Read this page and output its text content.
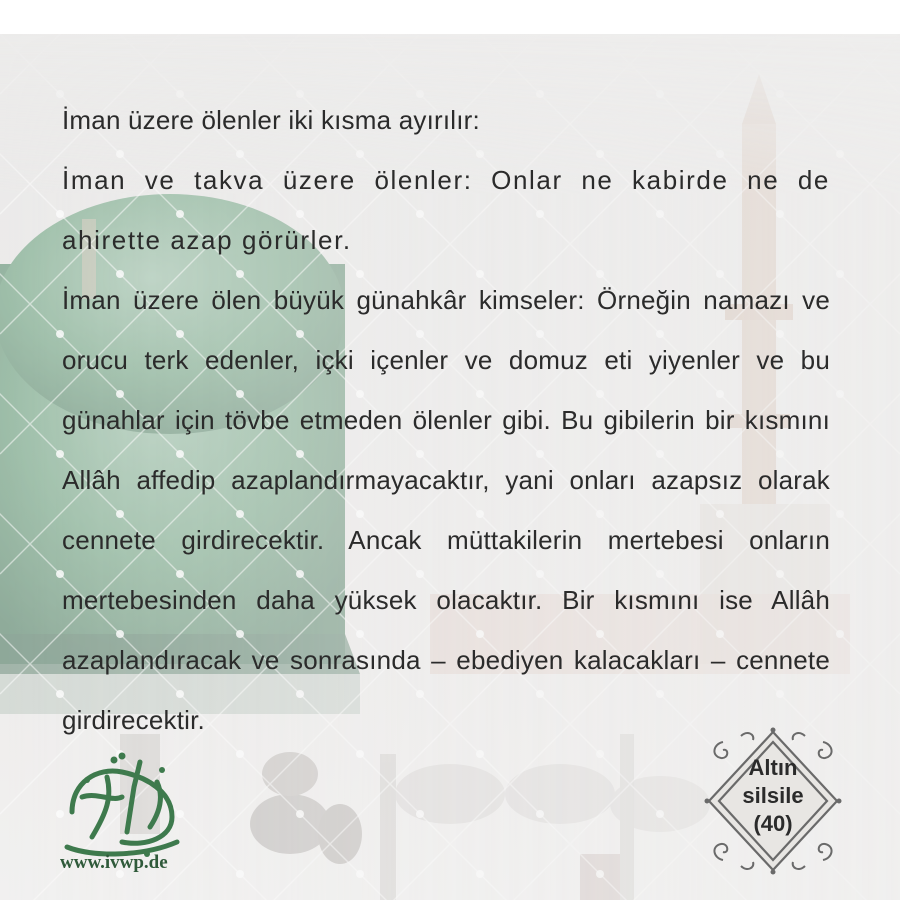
İman üzere ölenler iki kısma ayırılır:

İman ve takva üzere ölenler: Onlar ne kabirde ne de ahirette azap görürler.

İman üzere ölen büyük günahkâr kimseler: Örneğin namazı ve orucu terk edenler, içki içenler ve domuz eti yiyenler ve bu günahlar için tövbe etmeden ölenler gibi. Bu gibilerin bir kısmını Allâh affedip azaplandırmayacaktır, yani onları azapsız olarak cennete girdirecektir. Ancak müttakilerin mertebesi onların mertebesinden daha yüksek olacaktır. Bir kısmını ise Allâh azaplandıracak ve sonrasında – ebediyen kalacakları – cennete girdirecektir.

www.ivwp.de
Altın
silsile
(40)
